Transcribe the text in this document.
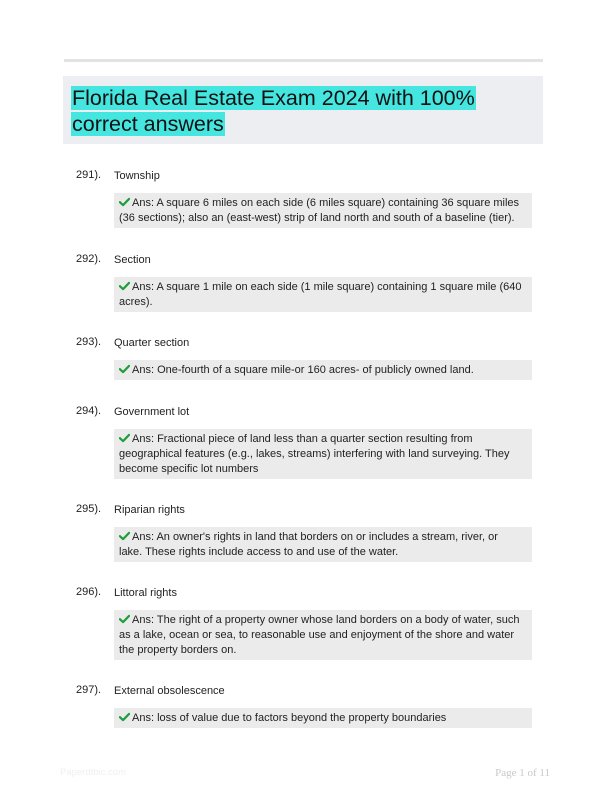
Florida Real Estate Exam 2024 with 100% correct answers
291). Township
Ans: A square 6 miles on each side (6 miles square) containing 36 square miles (36 sections); also an (east-west) strip of land north and south of a baseline (tier).
292). Section
Ans: A square 1 mile on each side (1 mile square) containing 1 square mile (640 acres).
293). Quarter section
Ans: One-fourth of a square mile-or 160 acres- of publicly owned land.
294). Government lot
Ans: Fractional piece of land less than a quarter section resulting from geographical features (e.g., lakes, streams) interfering with land surveying. They become specific lot numbers
295). Riparian rights
Ans: An owner's rights in land that borders on or includes a stream, river, or lake. These rights include access to and use of the water.
296). Littoral rights
Ans: The right of a property owner whose land borders on a body of water, such as a lake, ocean or sea, to reasonable use and enjoyment of the shore and water the property borders on.
297). External obsolescence
Ans: loss of value due to factors beyond the property boundaries
Paperdtbic.com	Page 1 of 11
